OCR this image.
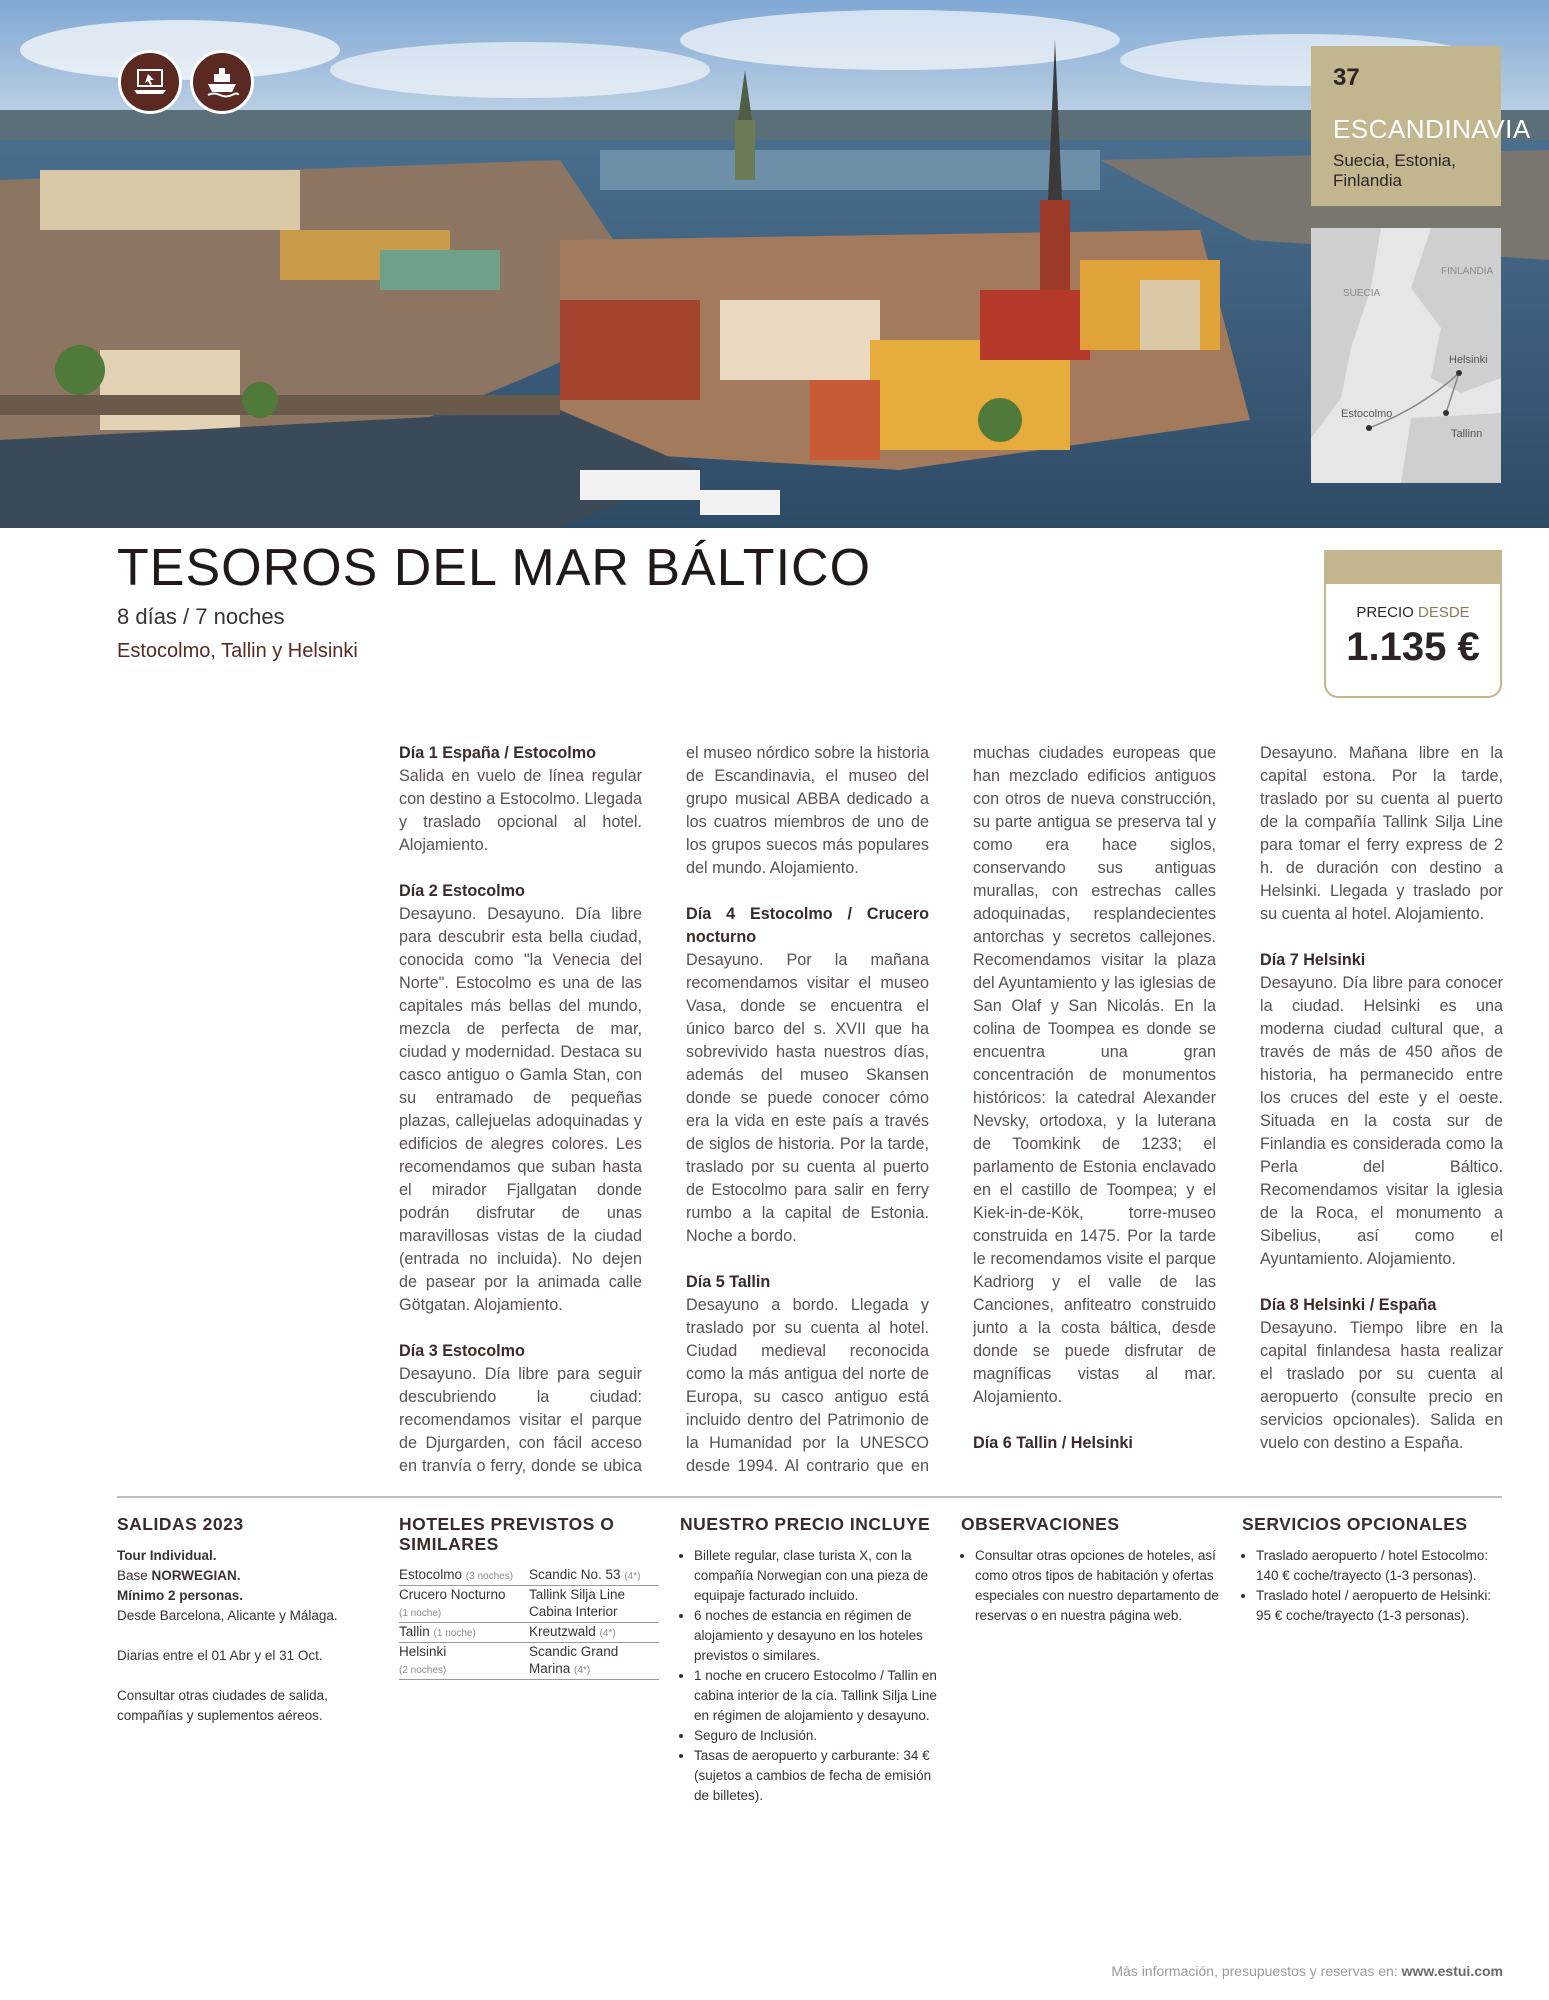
37
ESCANDINAVIA
Suecia, Estonia, Finlandia
SUECIA
FINLANDIA
Estocolmo
Helsinki
Tallinn
TESOROS DEL MAR BÁLTICO
8 días / 7 noches
Estocolmo, Tallin y Helsinki
PRECIO DESDE
1.135 €
Día 1 España / Estocolmo

Salida en vuelo de línea regular con destino a Estocolmo. Llegada y traslado opcional al hotel. Alojamiento.

Día 2 Estocolmo

Desayuno. Desayuno. Día libre para descubrir esta bella ciudad, conocida como "la Venecia del Norte". Estocolmo es una de las capitales más bellas del mundo, mezcla de perfecta de mar, ciudad y modernidad. Destaca su casco antiguo o Gamla Stan, con su entramado de pequeñas plazas, callejuelas adoquinadas y edificios de alegres colores. Les recomendamos que suban hasta el mirador Fjallgatan donde podrán disfrutar de unas maravillosas vistas de la ciudad (entrada no incluida). No dejen de pasear por la animada calle Götgatan. Alojamiento.

Día 3 Estocolmo

Desayuno. Día libre para seguir descubriendo la ciudad: recomendamos visitar el parque de Djurgarden, con fácil acceso en tranvía o ferry, donde se ubica el museo nórdico sobre la historia de Escandinavia, el museo del grupo musical ABBA dedicado a los cuatros miembros de uno de los grupos suecos más populares del mundo. Alojamiento.

Día 4 Estocolmo / Crucero nocturno

Desayuno. Por la mañana recomendamos visitar el museo Vasa, donde se encuentra el único barco del s. XVII que ha sobrevivido hasta nuestros días, además del museo Skansen donde se puede conocer cómo era la vida en este país a través de siglos de historia. Por la tarde, traslado por su cuenta al puerto de Estocolmo para salir en ferry rumbo a la capital de Estonia. Noche a bordo.

Día 5 Tallin

Desayuno a bordo. Llegada y traslado por su cuenta al hotel. Ciudad medieval reconocida como la más antigua del norte de Europa, su casco antiguo está incluido dentro del Patrimonio de la Humanidad por la UNESCO desde 1994. Al contrario que en muchas ciudades europeas que han mezclado edificios antiguos con otros de nueva construcción, su parte antigua se preserva tal y como era hace siglos, conservando sus antiguas murallas, con estrechas calles adoquinadas, resplandecientes antorchas y secretos callejones. Recomendamos visitar la plaza del Ayuntamiento y las iglesias de San Olaf y San Nicolás. En la colina de Toompea es donde se encuentra una gran concentración de monumentos históricos: la catedral Alexander Nevsky, ortodoxa, y la luterana de Toomkink de 1233; el parlamento de Estonia enclavado en el castillo de Toompea; y el Kiek-in-de-Kök, torre-museo construida en 1475. Por la tarde le recomendamos visite el parque Kadriorg y el valle de las Canciones, anfiteatro construido junto a la costa báltica, desde donde se puede disfrutar de magníficas vistas al mar. Alojamiento.

Día 6 Tallin / Helsinki

Desayuno. Mañana libre en la capital estona. Por la tarde, traslado por su cuenta al puerto de la compañía Tallink Silja Line para tomar el ferry express de 2 h. de duración con destino a Helsinki. Llegada y traslado por su cuenta al hotel. Alojamiento.

Día 7 Helsinki

Desayuno. Día libre para conocer la ciudad. Helsinki es una moderna ciudad cultural que, a través de más de 450 años de historia, ha permanecido entre los cruces del este y el oeste. Situada en la costa sur de Finlandia es considerada como la Perla del Báltico. Recomendamos visitar la iglesia de la Roca, el monumento a Sibelius, así como el Ayuntamiento. Alojamiento.

Día 8 Helsinki / España

Desayuno. Tiempo libre en la capital finlandesa hasta realizar el traslado por su cuenta al aeropuerto (consulte precio en servicios opcionales). Salida en vuelo con destino a España.

SALIDAS 2023

Tour Individual.

Base NORWEGIAN.

Mínimo 2 personas.

Desde Barcelona, Alicante y Málaga.

Diarias entre el 01 Abr y el 31 Oct.

Consultar otras ciudades de salida, compañías y suplementos aéreos.

HOTELES PREVISTOS O SIMILARES
Estocolmo (3 noches)	Scandic No. 53 (4*)
Crucero Nocturno
(1 noche)	Tallink Silja Line Cabina Interior
Tallin (1 noche)	Kreutzwald (4*)
Helsinki
(2 noches)	Scandic Grand Marina (4*)
NUESTRO PRECIO INCLUYE
• Billete regular, clase turista X, con la compañía Norwegian con una pieza de equipaje facturado incluido.
• 6 noches de estancia en régimen de alojamiento y desayuno en los hoteles previstos o similares.
• 1 noche en crucero Estocolmo / Tallin en cabina interior de la cía. Tallink Silja Line en régimen de alojamiento y desayuno.
• Seguro de Inclusión.
• Tasas de aeropuerto y carburante: 34 € (sujetos a cambios de fecha de emisión de billetes).
OBSERVACIONES
• Consultar otras opciones de hoteles, así como otros tipos de habitación y ofertas especiales con nuestro departamento de reservas o en nuestra página web.
SERVICIOS OPCIONALES
• Traslado aeropuerto / hotel Estocolmo: 140 € coche/trayecto (1-3 personas).
• Traslado hotel / aeropuerto de Helsinki: 95 € coche/trayecto (1-3 personas).
Más información, presupuestos y reservas en: www.estui.com
